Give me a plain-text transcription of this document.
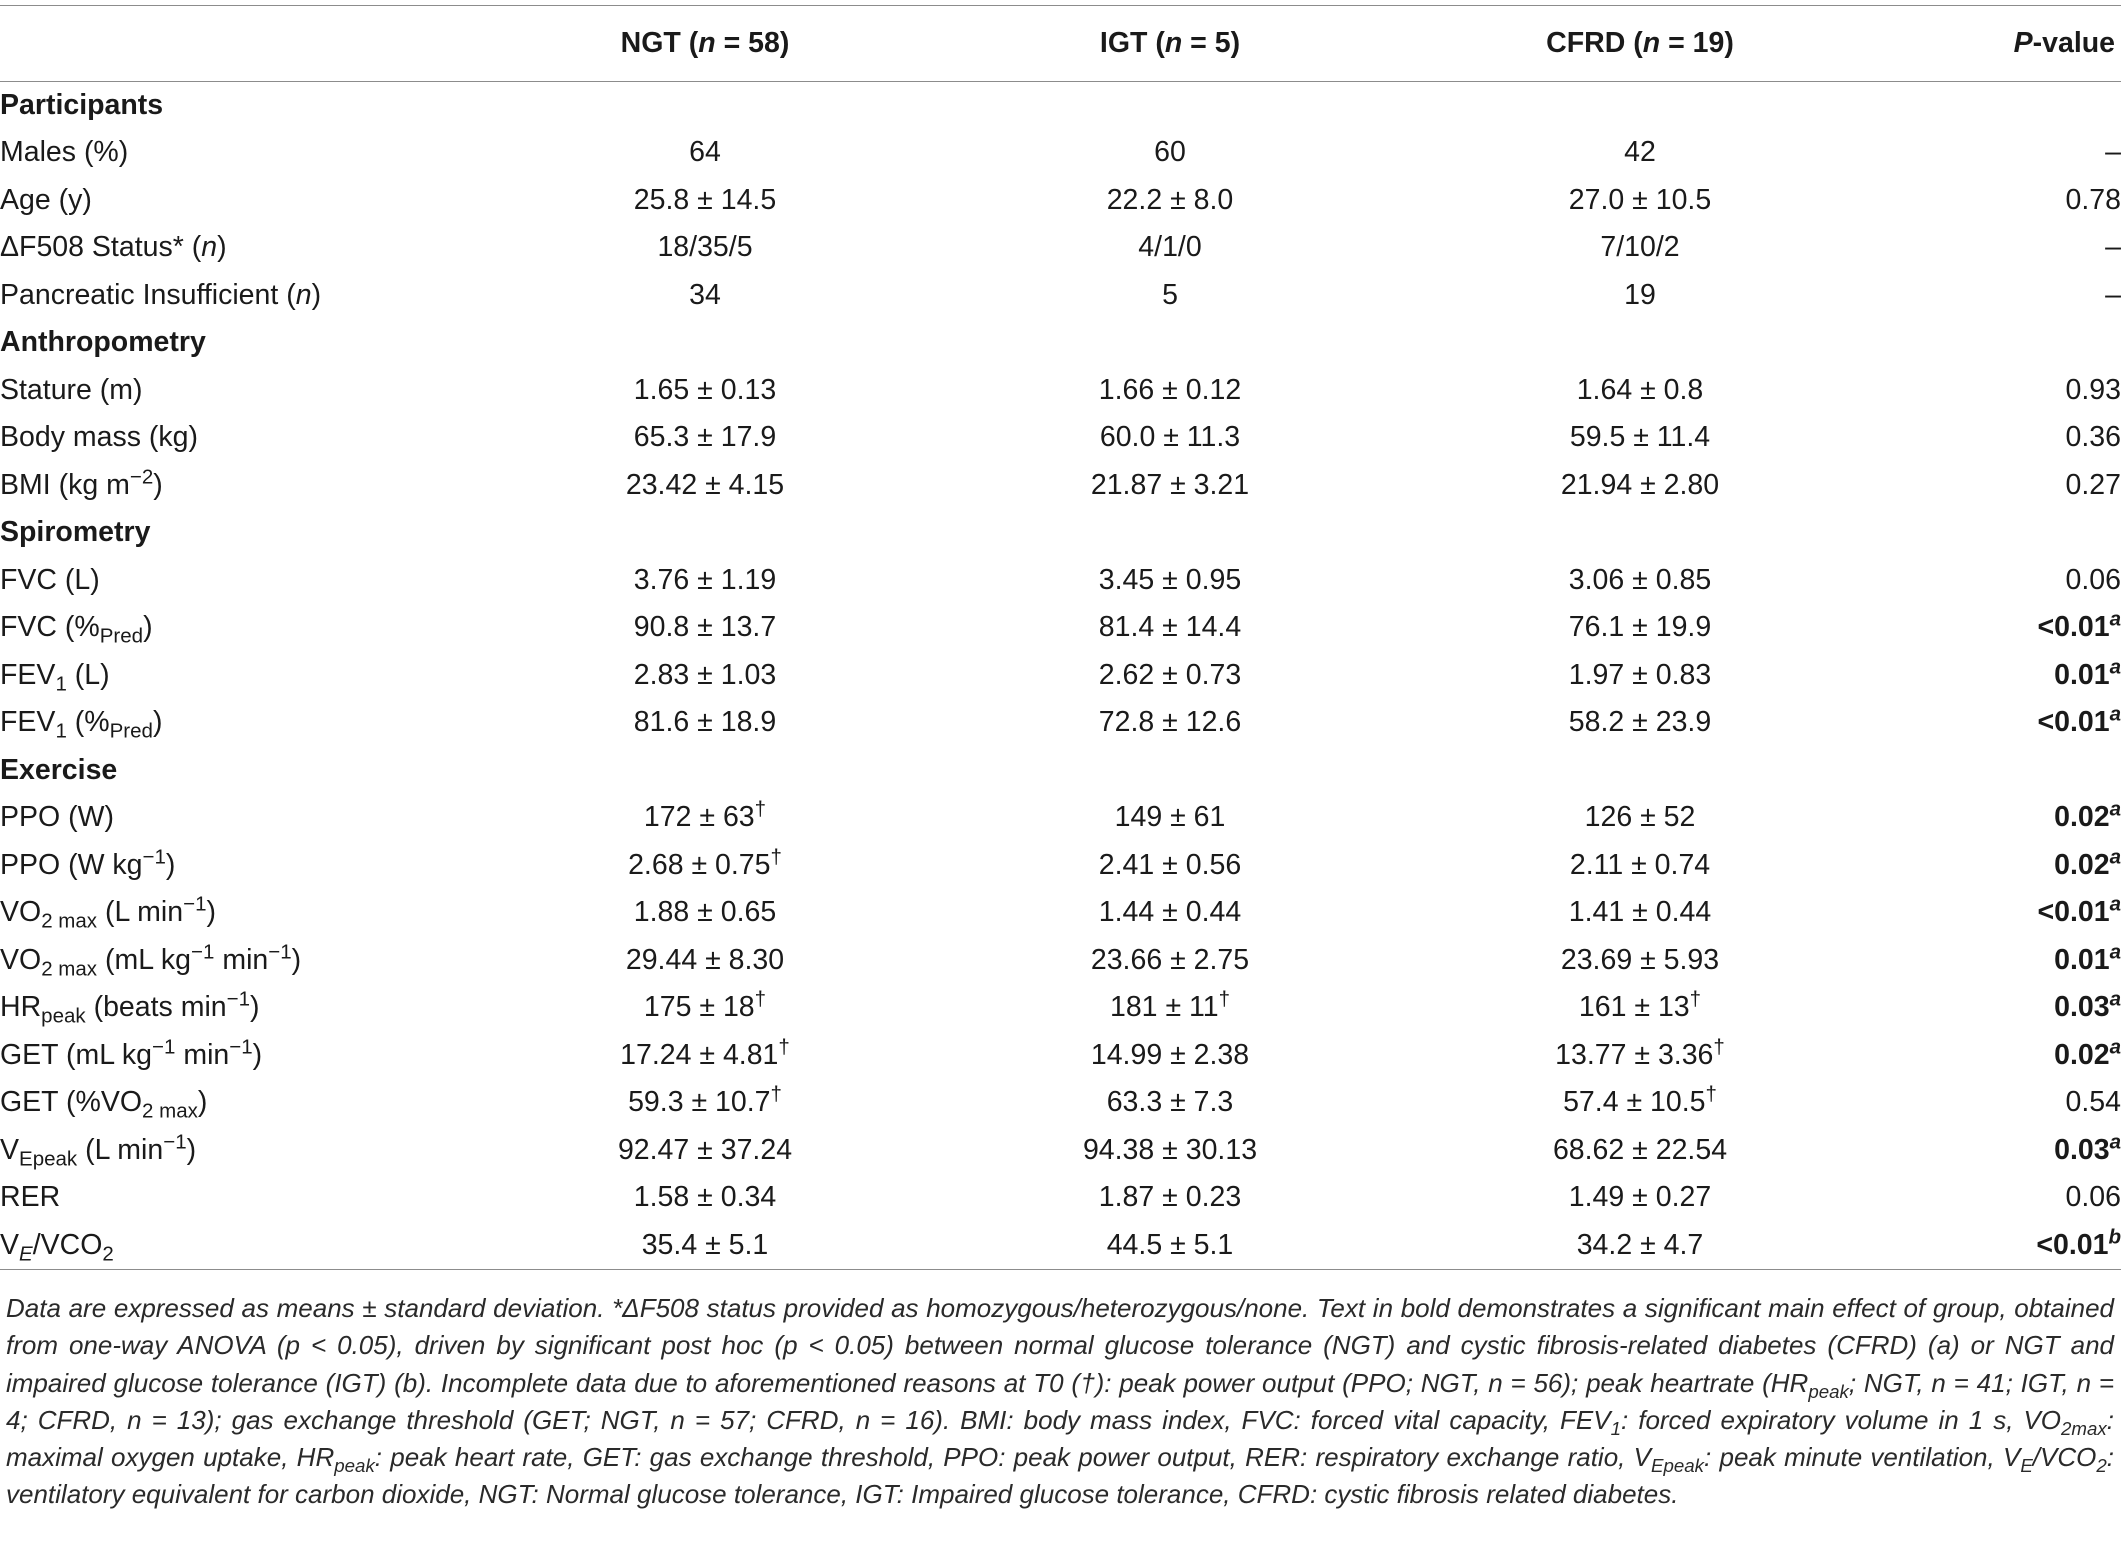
	NGT (n = 58)	IGT (n = 5)	CFRD (n = 19)	P-value
Participants				
Males (%)	64	60	42	–
Age (y)	25.8 ± 14.5	22.2 ± 8.0	27.0 ± 10.5	0.78
ΔF508 Status* (n)	18/35/5	4/1/0	7/10/2	–
Pancreatic Insufficient (n)	34	5	19	–
Anthropometry				
Stature (m)	1.65 ± 0.13	1.66 ± 0.12	1.64 ± 0.8	0.93
Body mass (kg)	65.3 ± 17.9	60.0 ± 11.3	59.5 ± 11.4	0.36
BMI (kg $m^{-2}$)	23.42 ± 4.15	21.87 ± 3.21	21.94 ± 2.80	0.27
Spirometry				
FVC (L)	3.76 ± 1.19	3.45 ± 0.95	3.06 ± 0.85	0.06
FVC $(\%_{Pred})$	90.8 ± 13.7	81.4 ± 14.4	76.1 ± 19.9	<0.01$^a$
$FEV_1$ (L)	2.83 ± 1.03	2.62 ± 0.73	1.97 ± 0.83	0.01$^a$
$FEV_1$ $(\%_{Pred})$	81.6 ± 18.9	72.8 ± 12.6	58.2 ± 23.9	<0.01$^a$
Exercise				
PPO (W)	172 ± 63†	149 ± 61	126 ± 52	0.02$^a$
PPO (W $kg^{-1}$)	2.68 ± 0.75†	2.41 ± 0.56	2.11 ± 0.74	0.02$^a$
$VO_{2 max}$ (L $\min^{-1}$)	1.88 ± 0.65	1.44 ± 0.44	1.41 ± 0.44	<0.01$^a$
$VO_{2 max}$ (mL $kg^{-1}$ $\min^{-1}$)	29.44 ± 8.30	23.66 ± 2.75	23.69 ± 5.93	0.01$^a$
$HR_{peak}$ (beats $\min^{-1}$)	175 ± 18†	181 ± 11†	161 ± 13†	0.03$^a$
GET (mL $kg^{-1}$ $\min^{-1}$)	17.24 ± 4.81†	14.99 ± 2.38	13.77 ± 3.36†	0.02$^a$
GET $(\%VO_{2 max})$	59.3 ± 10.7†	63.3 ± 7.3	57.4 ± 10.5†	0.54
$V_{Epeak}$ (L $\min^{-1}$)	92.47 ± 37.24	94.38 ± 30.13	68.62 ± 22.54	0.03$^a$
RER	1.58 ± 0.34	1.87 ± 0.23	1.49 ± 0.27	0.06
$V_E/VCO_2$	35.4 ± 5.1	44.5 ± 5.1	34.2 ± 4.7	<0.01$^b$
Data are expressed as means ± standard deviation. *ΔF508 status provided as homozygous/heterozygous/none. Text in bold demonstrates a significant main effect of group, obtained from one-way ANOVA (p < 0.05), driven by significant post hoc (p < 0.05) between normal glucose tolerance (NGT) and cystic fibrosis-related diabetes (CFRD) (a) or NGT and impaired glucose tolerance (IGT) (b). Incomplete data due to aforementioned reasons at T0 (†): peak power output (PPO; NGT, n = 56); peak heartrate ($HR_{peak}$; NGT, n = 41; IGT, n = 4; CFRD, n = 13); gas exchange threshold (GET; NGT, n = 57; CFRD, n = 16). BMI: body mass index, FVC: forced vital capacity, $FEV_1$: forced expiratory volume in 1 s, $VO_{2max}$: maximal oxygen uptake, $HR_{peak}$: peak heart rate, GET: gas exchange threshold, PPO: peak power output, RER: respiratory exchange ratio, $V_{Epeak}$: peak minute ventilation, $V_E/VCO_2$: ventilatory equivalent for carbon dioxide, NGT: Normal glucose tolerance, IGT: Impaired glucose tolerance, CFRD: cystic fibrosis related diabetes.
